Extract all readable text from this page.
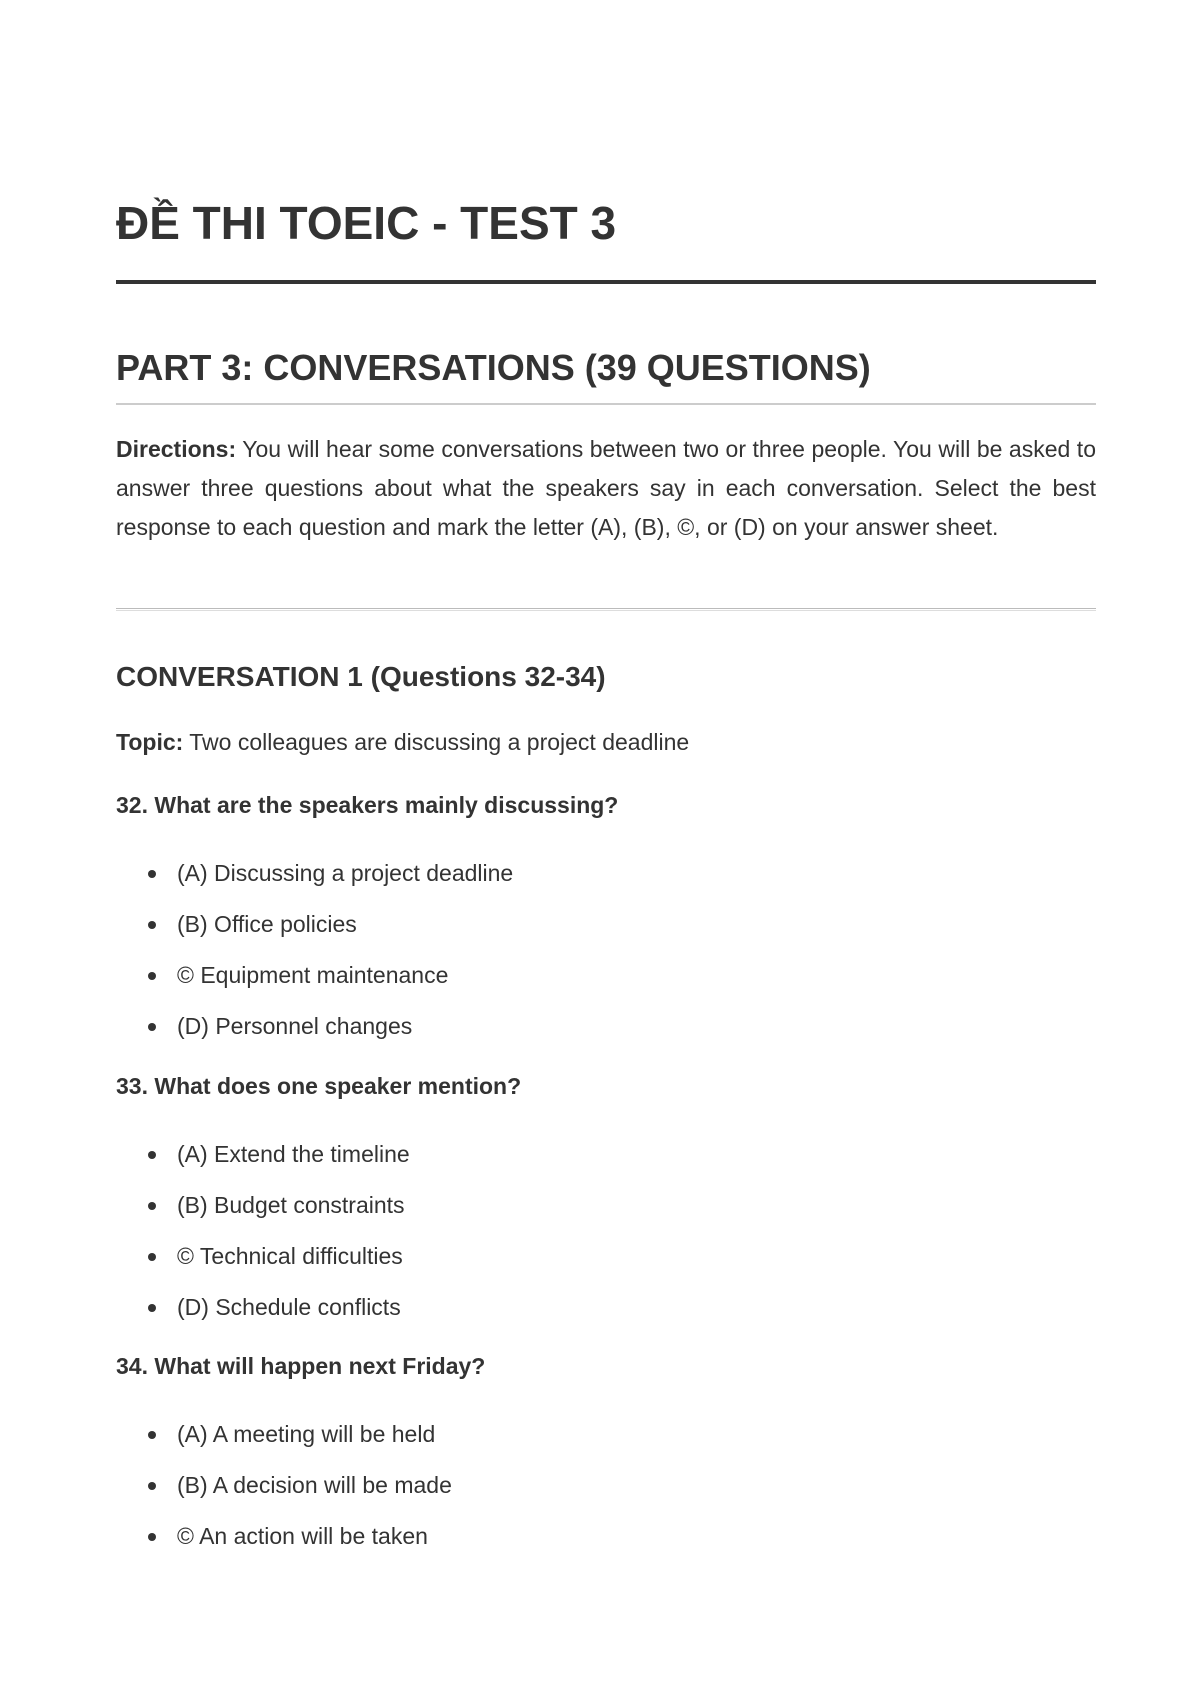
ĐỀ THI TOEIC - TEST 3
PART 3: CONVERSATIONS (39 QUESTIONS)

Directions: You will hear some conversations between two or three people. You will be asked to answer three questions about what the speakers say in each conversation. Select the best response to each question and mark the letter (A), (B), ©, or (D) on your answer sheet.

CONVERSATION 1 (Questions 32-34)

Topic: Two colleagues are discussing a project deadline

32. What are the speakers mainly discussing?

(A) Discussing a project deadline
(B) Office policies
© Equipment maintenance
(D) Personnel changes

33. What does one speaker mention?

(A) Extend the timeline
(B) Budget constraints
© Technical difficulties
(D) Schedule conflicts

34. What will happen next Friday?

(A) A meeting will be held
(B) A decision will be made
© An action will be taken
